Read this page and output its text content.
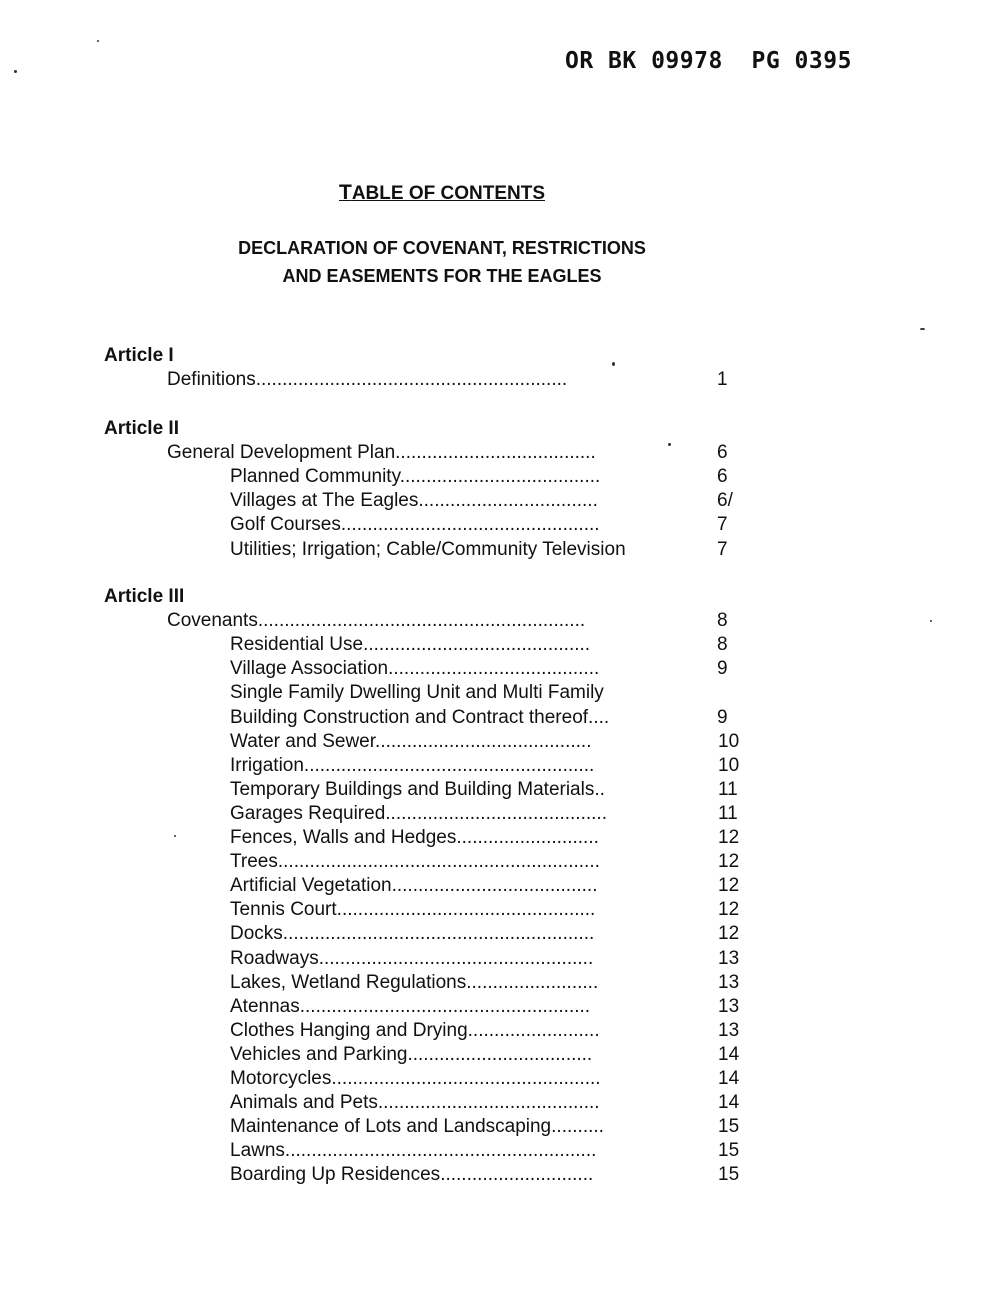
OR BK 09978  PG 0395
TABLE OF CONTENTS
DECLARATION OF COVENANT, RESTRICTIONS
AND EASEMENTS FOR THE EAGLES
Article I
Definitions...........................................................	1
Article II
General Development Plan......................................	6
Planned Community......................................	6
Villages at The Eagles..................................	6/
Golf Courses.................................................	7
Utilities; Irrigation; Cable/Community Television	7
Article III
Covenants..............................................................	8
Residential Use...........................................	8
Village Association........................................	9
Single Family Dwelling Unit and Multi Family
Building Construction and Contract thereof....	9
Water and Sewer.........................................	10
Irrigation.......................................................	10
Temporary Buildings and Building Materials..	11
Garages Required..........................................	11
Fences, Walls and Hedges...........................	12
Trees.............................................................	12
Artificial Vegetation.......................................	12
Tennis Court.................................................	12
Docks...........................................................	12
Roadways....................................................	13
Lakes, Wetland Regulations.........................	13
Atennas.......................................................	13
Clothes Hanging and Drying.........................	13
Vehicles and Parking...................................	14
Motorcycles...................................................	14
Animals and Pets..........................................	14
Maintenance of Lots and Landscaping..........	15
Lawns...........................................................	15
Boarding Up Residences.............................	15
